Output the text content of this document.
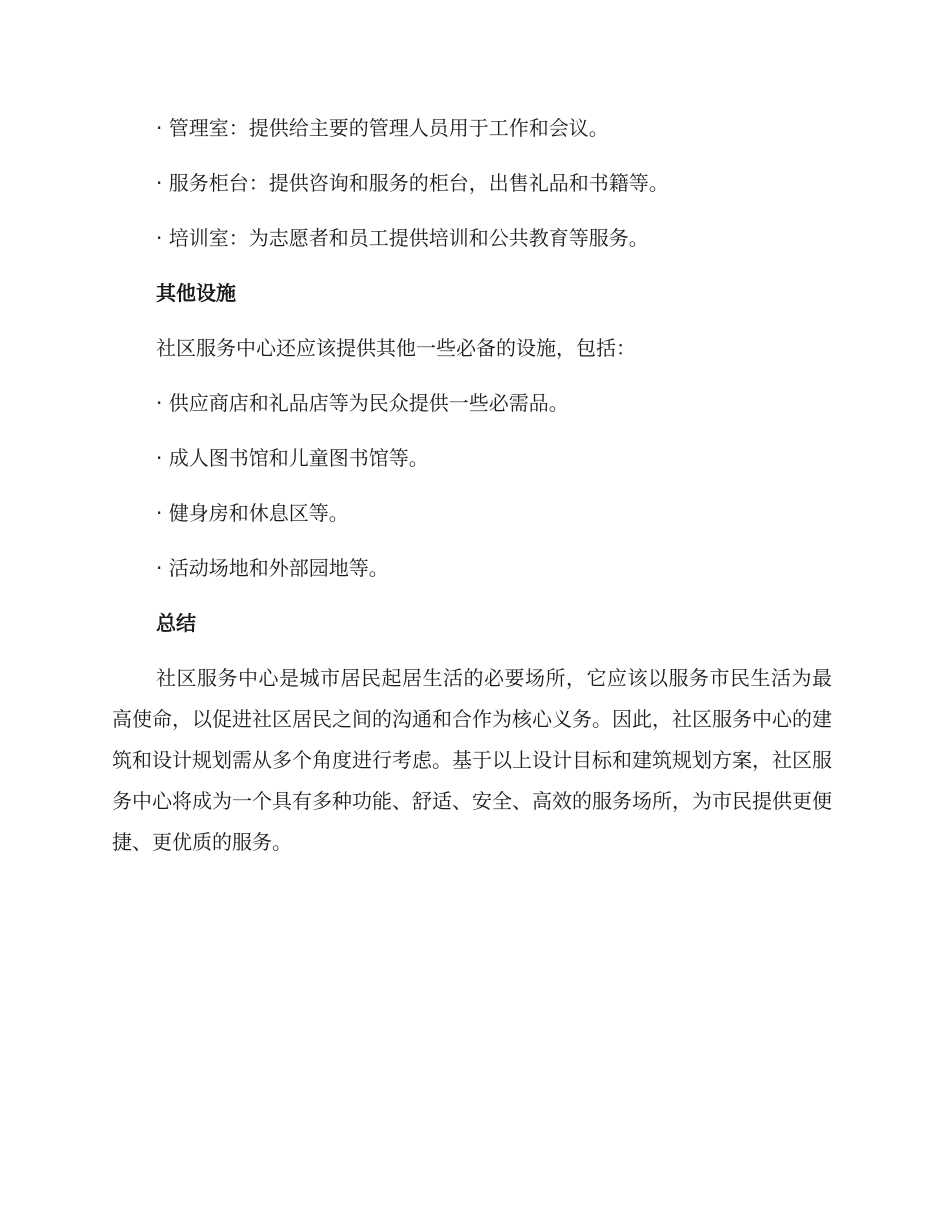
· 管理室：提供给主要的管理人员用于工作和会议。
· 服务柜台：提供咨询和服务的柜台，出售礼品和书籍等。
· 培训室：为志愿者和员工提供培训和公共教育等服务。
其他设施
社区服务中心还应该提供其他一些必备的设施，包括：
· 供应商店和礼品店等为民众提供一些必需品。
· 成人图书馆和儿童图书馆等。
· 健身房和休息区等。
· 活动场地和外部园地等。
总结

社区服务中心是城市居民起居生活的必要场所，它应该以服务市民生活为最高使命，以促进社区居民之间的沟通和合作为核心义务。因此，社区服务中心的建筑和设计规划需从多个角度进行考虑。基于以上设计目标和建筑规划方案，社区服务中心将成为一个具有多种功能、舒适、安全、高效的服务场所，为市民提供更便捷、更优质的服务。
